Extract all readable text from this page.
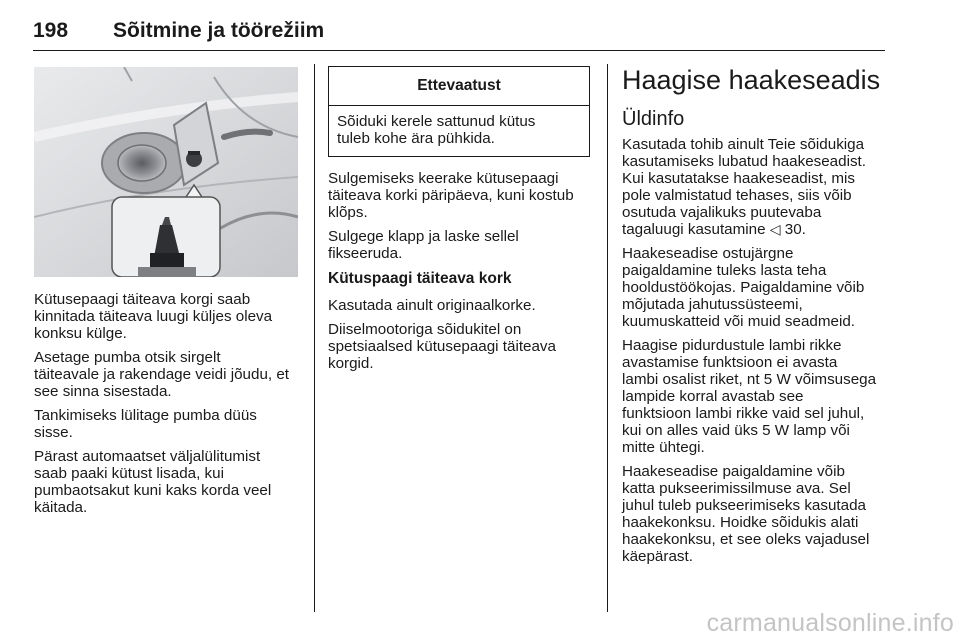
198 Sõitmine ja töörežiim

Kütusepaagi täiteava korgi saab
kinnitada täiteava luugi küljes oleva
konksu külge.

Asetage pumba otsik sirgelt
täiteavale ja rakendage veidi jõudu, et
see sinna sisestada.

Tankimiseks lülitage pumba düüs
sisse.

Pärast automaatset väljalülitumist
saab paaki kütust lisada, kui
pumbaotsakut kuni kaks korda veel
käitada.

Ettevaatust
Sõiduki kerele sattunud kütus
tuleb kohe ära pühkida.

Sulgemiseks keerake kütusepaagi
täiteava korki päripäeva, kuni kostub
klõps.

Sulgege klapp ja laske sellel
fikseeruda.

Kütuspaagi täiteava kork

Kasutada ainult originaalkorke.

Diiselmootoriga sõidukitel on
spetsiaalsed kütusepaagi täiteava
korgid.

Haagise haakeseadis
Üldinfo

Kasutada tohib ainult Teie sõidukiga
kasutamiseks lubatud haakeseadist.
Kui kasutatakse haakeseadist, mis
pole valmistatud tehases, siis võib
osutuda vajalikuks puutevaba
tagaluugi kasutamine ◁ 30.

Haakeseadise ostujärgne
paigaldamine tuleks lasta teha
hooldustöökojas. Paigaldamine võib
mõjutada jahutussüsteemi,
kuumuskatteid või muid seadmeid.

Haagise pidurdustule lambi rikke
avastamise funktsioon ei avasta
lambi osalist riket, nt 5 W võimsusega
lampide korral avastab see
funktsioon lambi rikke vaid sel juhul,
kui on alles vaid üks 5 W lamp või
mitte ühtegi.

Haakeseadise paigaldamine võib
katta pukseerimissilmuse ava. Sel
juhul tuleb pukseerimiseks kasutada
haakekonksu. Hoidke sõidukis alati
haakekonksu, et see oleks vajadusel
käepärast.

carmanualsonline.info
